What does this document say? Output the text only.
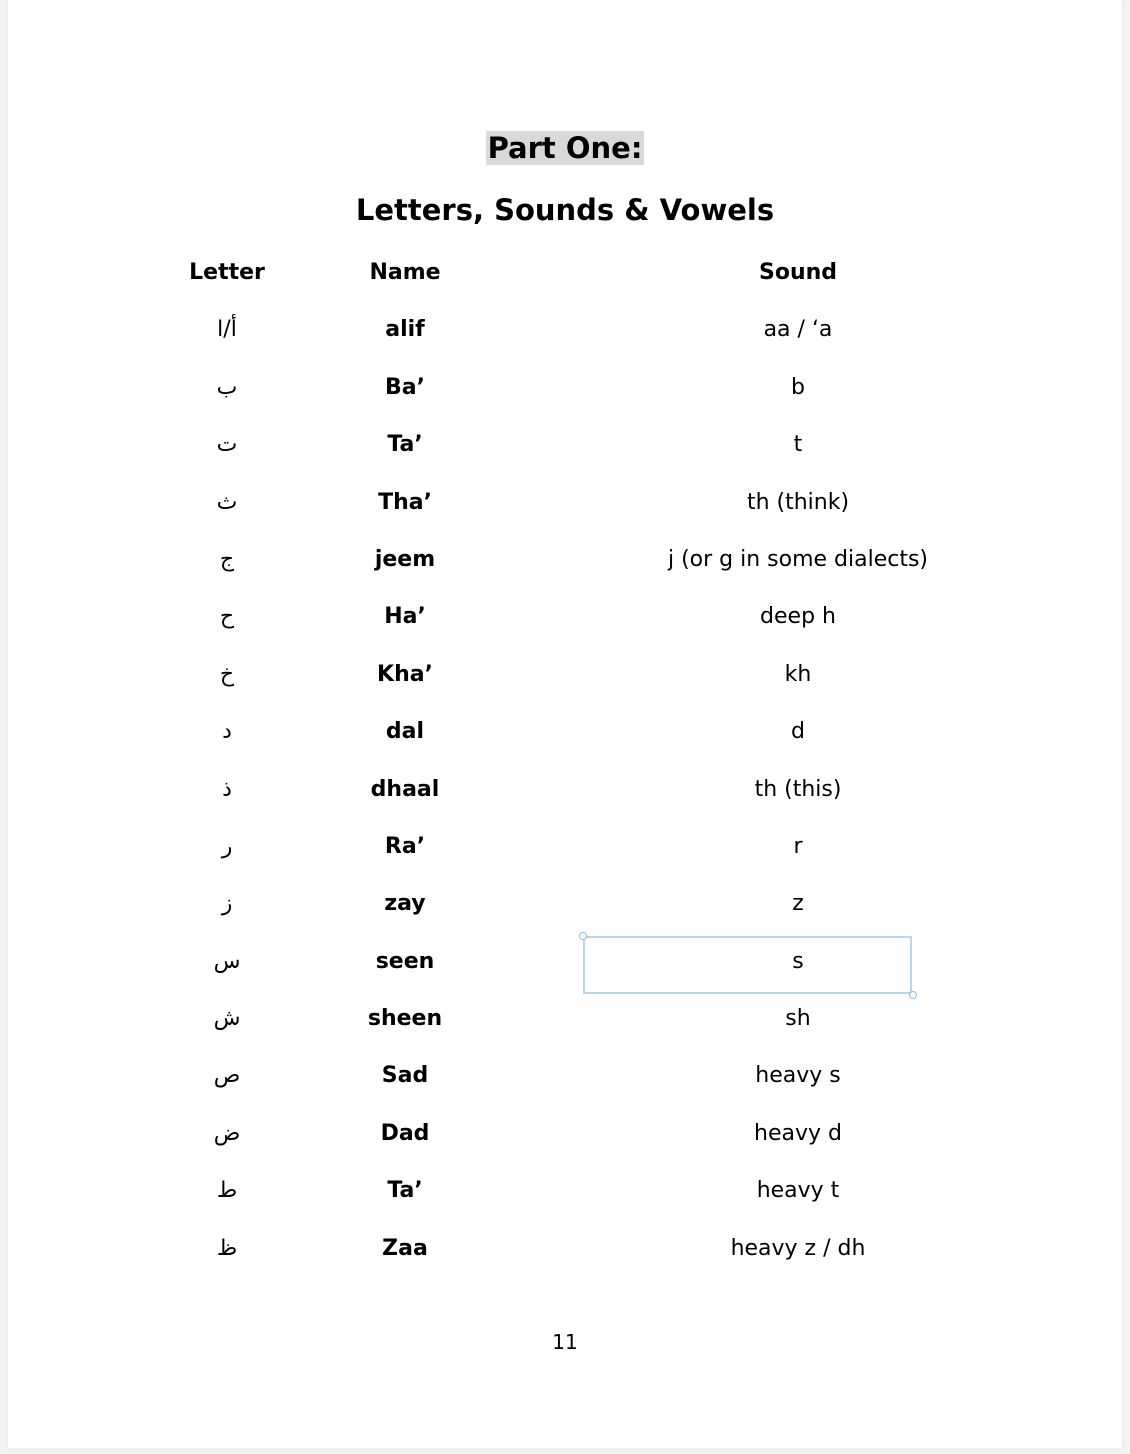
Part One:
Letters, Sounds & Vowels
Letter	Name	Sound
أ/ا	alif	aa / ‘a
ب	Ba’	b
ت	Ta’	t
ث	Tha’	th (think)
ج	jeem	j (or g in some dialects)
ح	Ha’	deep h
خ	Kha’	kh
د	dal	d
ذ	dhaal	th (this)
ر	Ra’	r
ز	zay	z
س	seen	s
ش	sheen	sh
ص	Sad	heavy s
ض	Dad	heavy d
ط	Ta’	heavy t
ظ	Zaa	heavy z / dh
11
